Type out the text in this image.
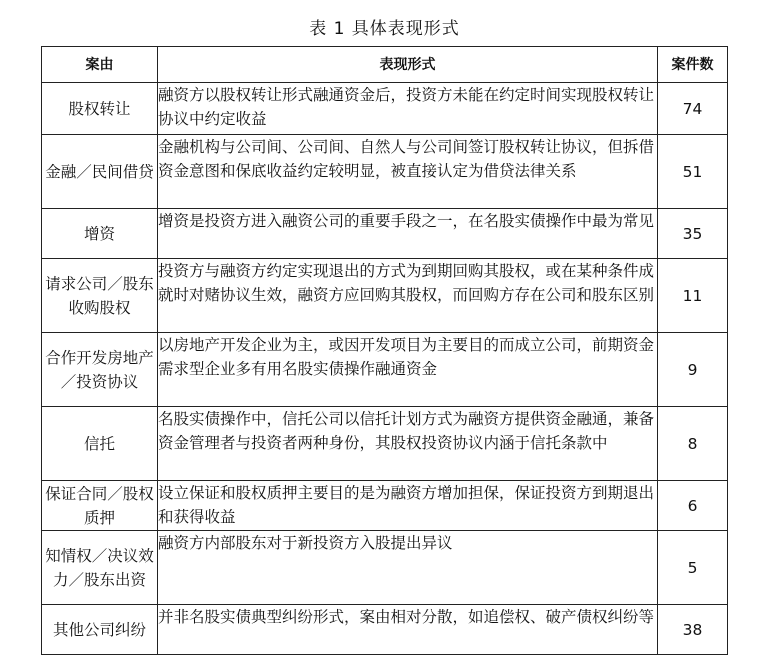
表 1 具体表现形式
案由	表现形式	案件数
股权转让	融资方以股权转让形式融通资金后，投资方未能在约定时间实现股权转让协议中约定收益	74
金融／民间借贷	金融机构与公司间、公司间、自然人与公司间签订股权转让协议，但拆借资金意图和保底收益约定较明显，被直接认定为借贷法律关系	51
增资	增资是投资方进入融资公司的重要手段之一，在名股实债操作中最为常见	35
请求公司／股东收购股权	投资方与融资方约定实现退出的方式为到期回购其股权，或在某种条件成就时对赌协议生效，融资方应回购其股权，而回购方存在公司和股东区别	11
合作开发房地产／投资协议	以房地产开发企业为主，或因开发项目为主要目的而成立公司，前期资金需求型企业多有用名股实债操作融通资金	9
信托	名股实债操作中，信托公司以信托计划方式为融资方提供资金融通，兼备资金管理者与投资者两种身份，其股权投资协议内涵于信托条款中	8
保证合同／股权质押	设立保证和股权质押主要目的是为融资方增加担保，保证投资方到期退出和获得收益	6
知情权／决议效力／股东出资	融资方内部股东对于新投资方入股提出异议	5
其他公司纠纷	并非名股实债典型纠纷形式，案由相对分散，如追偿权、破产债权纠纷等	38
